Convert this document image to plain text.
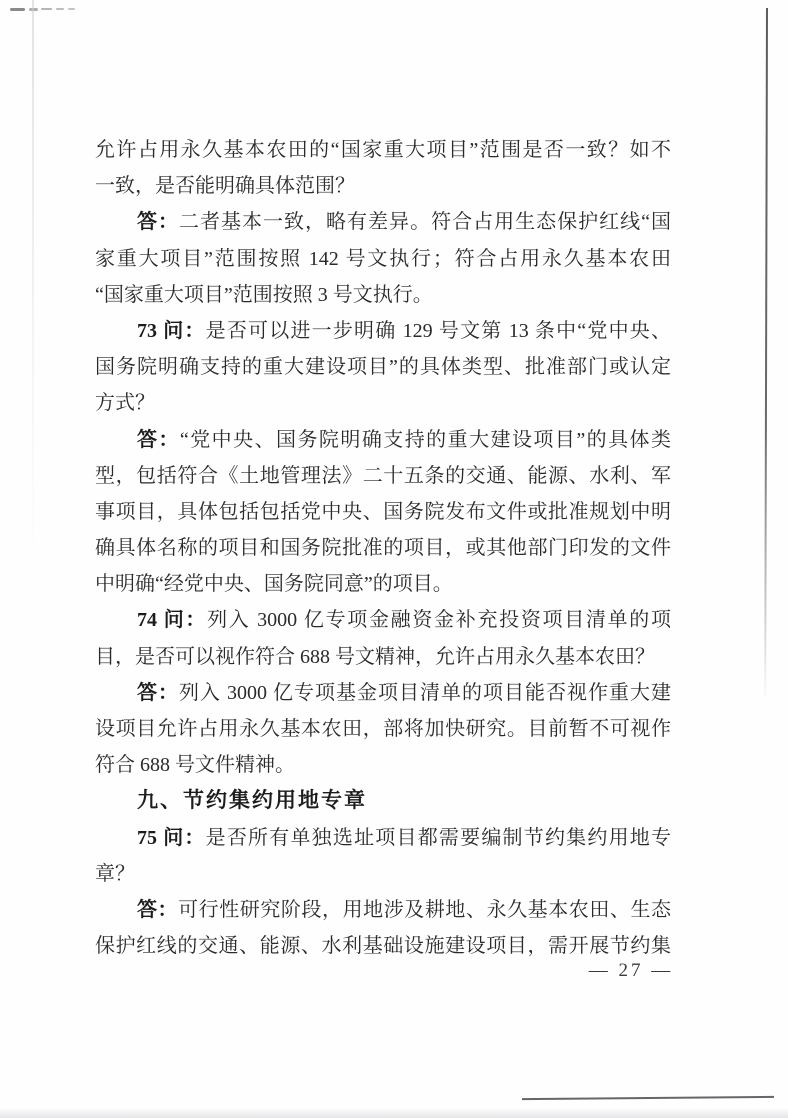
允许占用永久基本农田的“国家重大项目”范围是否一致？如不
一致，是否能明确具体范围？
答：二者基本一致，略有差异。符合占用生态保护红线“国
家重大项目”范围按照 142 号文执行；符合占用永久基本农田
“国家重大项目”范围按照 3 号文执行。
73 问：是否可以进一步明确 129 号文第 13 条中“党中央、
国务院明确支持的重大建设项目”的具体类型、批准部门或认定
方式？
答：“党中央、国务院明确支持的重大建设项目”的具体类
型，包括符合《土地管理法》二十五条的交通、能源、水利、军
事项目，具体包括包括党中央、国务院发布文件或批准规划中明
确具体名称的项目和国务院批准的项目，或其他部门印发的文件
中明确“经党中央、国务院同意”的项目。
74 问：列入 3000 亿专项金融资金补充投资项目清单的项
目，是否可以视作符合 688 号文精神，允许占用永久基本农田？
答：列入 3000 亿专项基金项目清单的项目能否视作重大建
设项目允许占用永久基本农田，部将加快研究。目前暂不可视作
符合 688 号文件精神。
九、节约集约用地专章
75 问：是否所有单独选址项目都需要编制节约集约用地专
章？
答：可行性研究阶段，用地涉及耕地、永久基本农田、生态
保护红线的交通、能源、水利基础设施建设项目，需开展节约集
— 27 —
